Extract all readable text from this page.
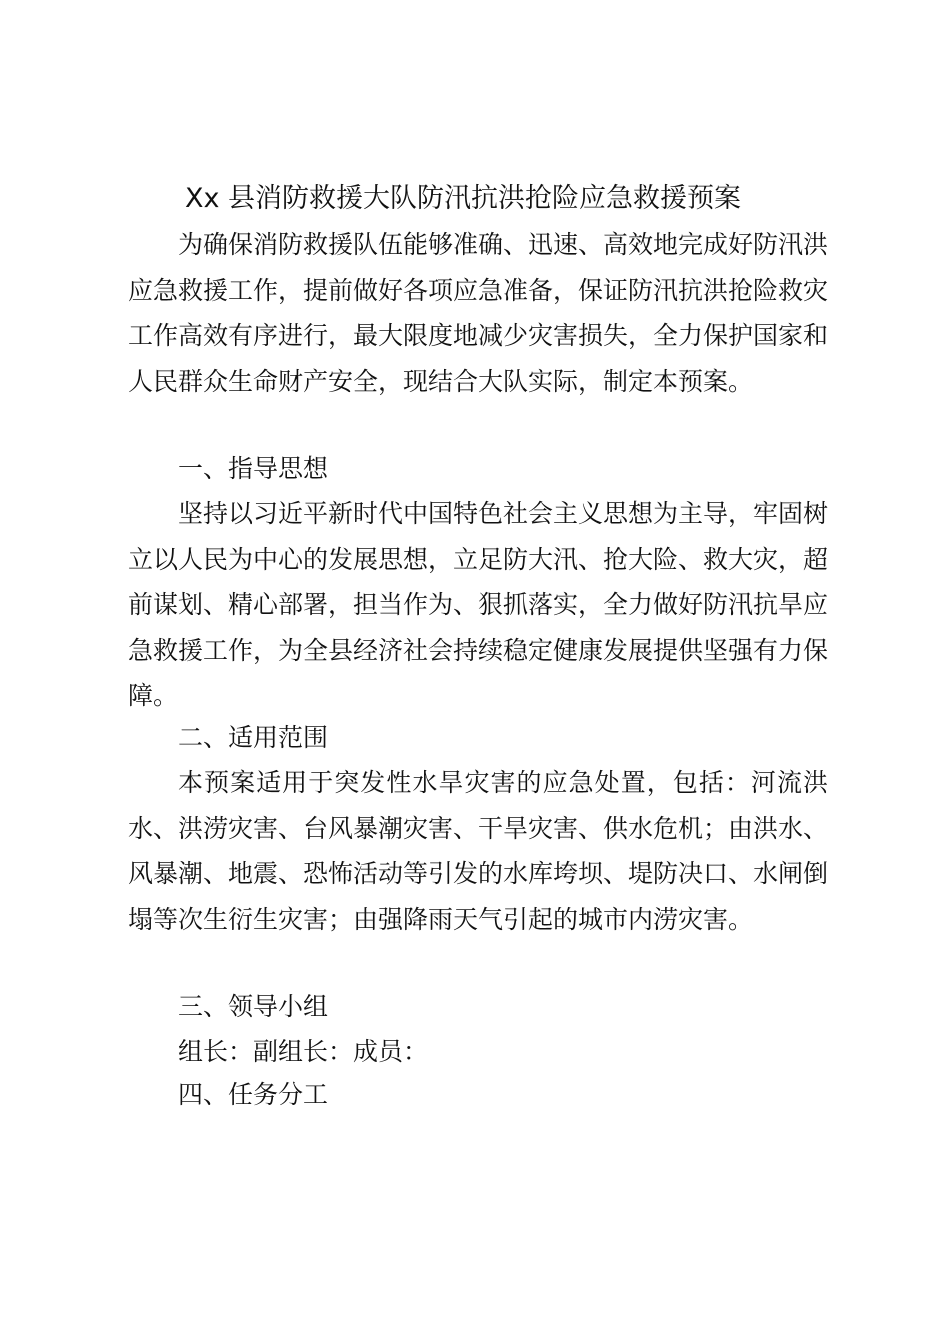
Xx 县消防救援大队防汛抗洪抢险应急救援预案
为确保消防救援队伍能够准确、迅速、高效地完成好防汛洪应急救援工作，提前做好各项应急准备，保证防汛抗洪抢险救灾工作高效有序进行，最大限度地减少灾害损失，全力保护国家和人民群众生命财产安全，现结合大队实际，制定本预案。
一、指导思想
坚持以习近平新时代中国特色社会主义思想为主导，牢固树立以人民为中心的发展思想，立足防大汛、抢大险、救大灾，超前谋划、精心部署，担当作为、狠抓落实，全力做好防汛抗旱应急救援工作，为全县经济社会持续稳定健康发展提供坚强有力保障。
二、适用范围
本预案适用于突发性水旱灾害的应急处置，包括：河流洪水、洪涝灾害、台风暴潮灾害、干旱灾害、供水危机；由洪水、风暴潮、地震、恐怖活动等引发的水库垮坝、堤防决口、水闸倒塌等次生衍生灾害；由强降雨天气引起的城市内涝灾害。
三、领导小组
组长：副组长：成员：
四、任务分工
